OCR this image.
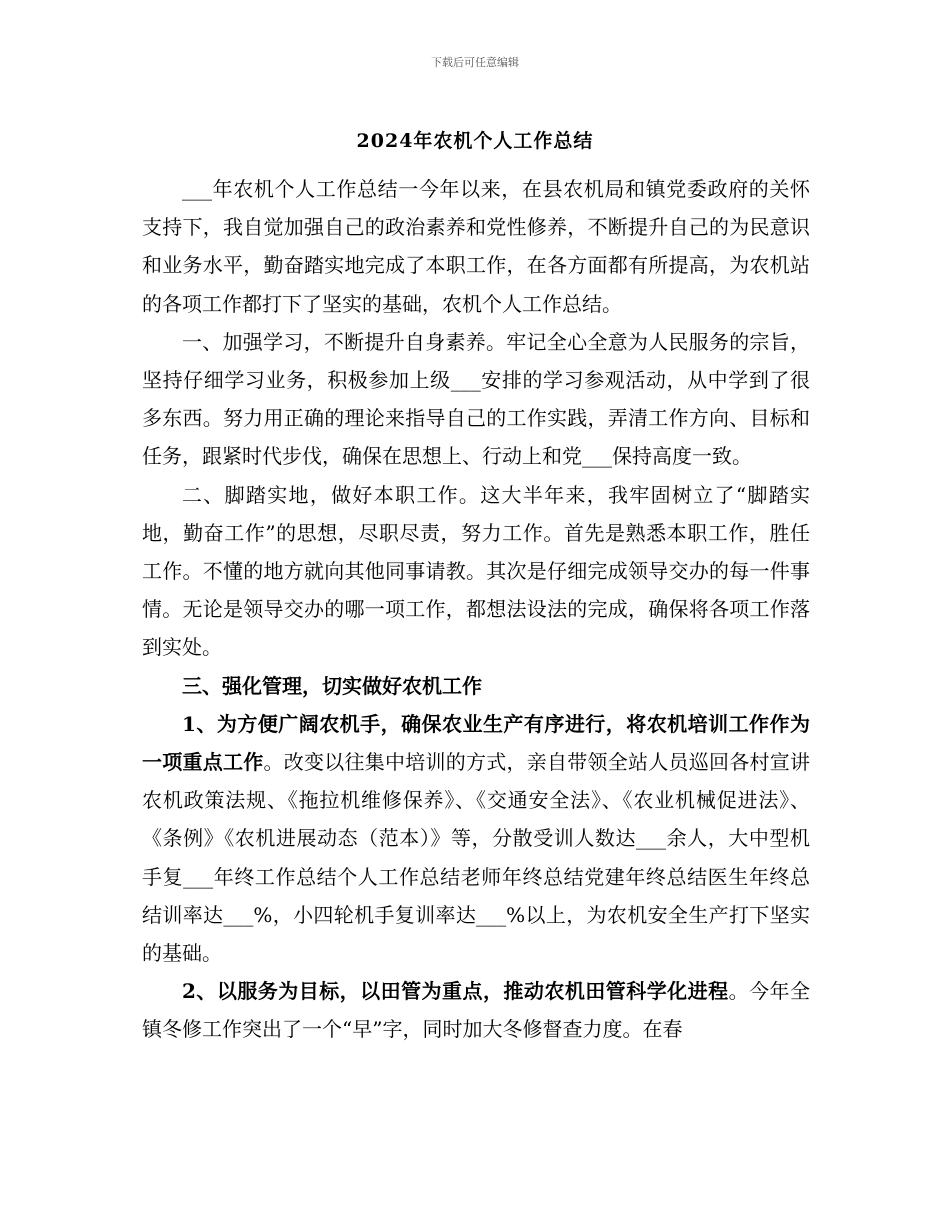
下载后可任意编辑
2024年农机个人工作总结

___年农机个人工作总结一今年以来，在县农机局和镇党委政府的关怀支持下，我自觉加强自己的政治素养和党性修养，不断提升自己的为民意识和业务水平，勤奋踏实地完成了本职工作，在各方面都有所提高，为农机站的各项工作都打下了坚实的基础，农机个人工作总结。

一、加强学习，不断提升自身素养。牢记全心全意为人民服务的宗旨，坚持仔细学习业务，积极参加上级___安排的学习参观活动，从中学到了很多东西。努力用正确的理论来指导自己的工作实践，弄清工作方向、目标和任务，跟紧时代步伐，确保在思想上、行动上和党___保持高度一致。

二、脚踏实地，做好本职工作。这大半年来，我牢固树立了“脚踏实地，勤奋工作”的思想，尽职尽责，努力工作。首先是熟悉本职工作，胜任工作。不懂的地方就向其他同事请教。其次是仔细完成领导交办的每一件事情。无论是领导交办的哪一项工作，都想法设法的完成，确保将各项工作落到实处。

三、强化管理，切实做好农机工作

1、为方便广阔农机手，确保农业生产有序进行，将农机培训工作作为一项重点工作。改变以往集中培训的方式，亲自带领全站人员巡回各村宣讲农机政策法规、《拖拉机维修保养》、《交通安全法》、《农业机械促进法》、《条例》《农机进展动态（范本）》等，分散受训人数达___余人，大中型机手复___年终工作总结个人工作总结老师年终总结党建年终总结医生年终总结训率达___%，小四轮机手复训率达___%以上，为农机安全生产打下坚实的基础。

2、以服务为目标，以田管为重点，推动农机田管科学化进程。今年全镇冬修工作突出了一个“早”字，同时加大冬修督查力度。在春
